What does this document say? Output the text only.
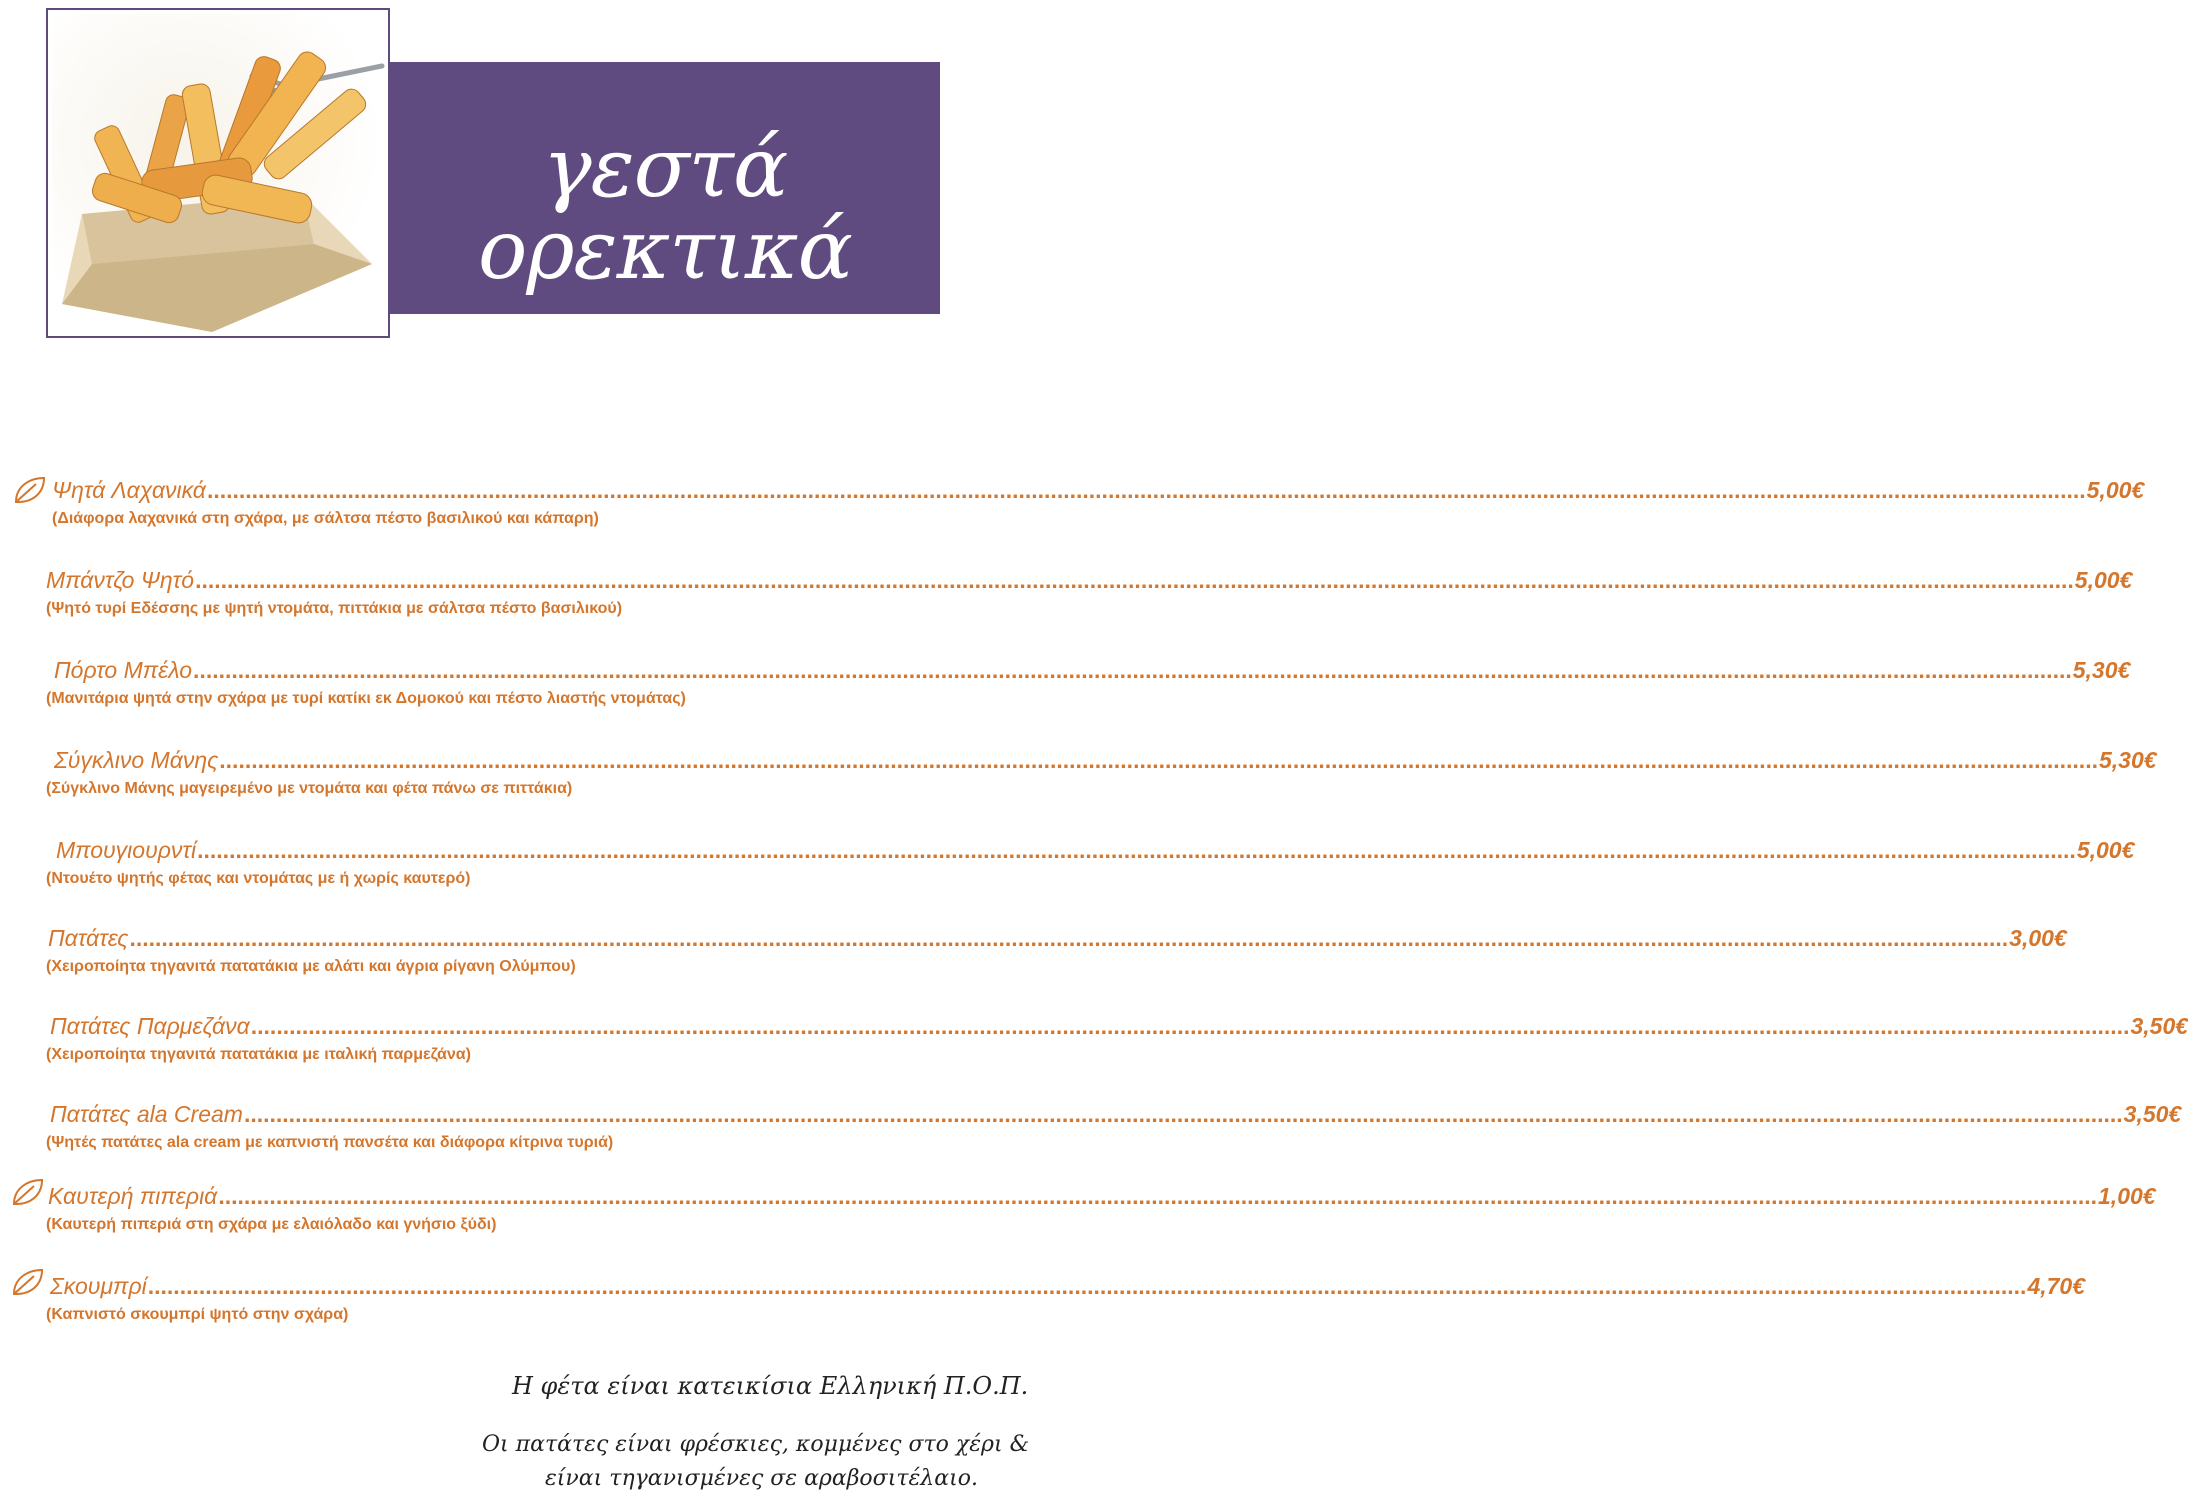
γεστά ορεκτικά
Ψητά Λαχανικά .....	5,00€
(Διάφορα λαχανικά στη σχάρα, με σάλτσα πέστο βασιλικού και κάπαρη)
Μπάντζο Ψητό .....	5,00€
(Ψητό τυρί Εδέσσης με ψητή ντομάτα, πιττάκια με σάλτσα πέστο βασιλικού)
Πόρτο Μπέλο .....	5,30€
(Μανιτάρια ψητά στην σχάρα με τυρί κατίκι εκ Δομοκού και πέστο λιαστής ντομάτας)
Σύγκλινο Μάνης .....	5,30€
(Σύγκλινο Μάνης μαγειρεμένο με ντομάτα και φέτα πάνω σε πιττάκια)
Μπουγιουρντί .....	5,00€
(Ντουέτο ψητής φέτας και ντομάτας με ή χωρίς καυτερό)
Πατάτες .....	3,00€
(Χειροποίητα τηγανιτά πατατάκια με αλάτι και άγρια ρίγανη Ολύμπου)
Πατάτες Παρμεζάνα .....	3,50€
(Χειροποίητα τηγανιτά πατατάκια με ιταλική παρμεζάνα)
Πατάτες ala Cream .....	3,50€
(Ψητές πατάτες ala cream με καπνιστή πανσέτα και διάφορα κίτρινα τυριά)
Καυτερή πιπεριά .....	1,00€
(Καυτερή πιπεριά στη σχάρα με ελαιόλαδο και γνήσιο ξύδι)
Σκουμπρί .....	4,70€
(Καπνιστό σκουμπρί ψητό στην σχάρα)
Η φέτα είναι κατεικίσια Ελληνική Π.Ο.Π.
Οι πατάτες είναι φρέσκιες, κομμένες στο χέρι &
είναι τηγανισμένες σε αραβοσιτέλαιο.
